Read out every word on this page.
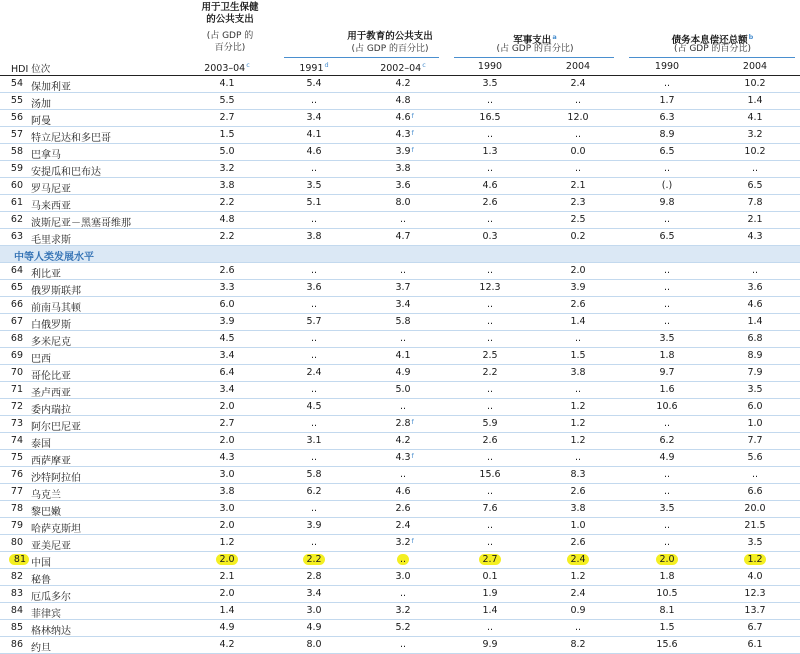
用于卫生保健
的公共支出
(占 GDP 的
百分比)
用于教育的公共支出
(占 GDP 的百分比)
军事支出$^a$
(占 GDP 的百分比)
债务本息偿还总额$^b$
(占 GDP 的百分比)
HDI 位次	2003–04$^c$	1991$^d$	2002–04$^c$	1990	2004	1990	2004
54 保加利亚	4.1	5.4	4.2	3.5	2.4	..	10.2
55 汤加	5.5	..	4.8	..	..	1.7	1.4
56 阿曼	2.7	3.4	4.6 f	16.5	12.0	6.3	4.1
57 特立尼达和多巴哥	1.5	4.1	4.3 f	..	..	8.9	3.2
58 巴拿马	5.0	4.6	3.9 f	1.3	0.0	6.5	10.2
59 安提瓜和巴布达	3.2	..	3.8	..	..	..	..
60 罗马尼亚	3.8	3.5	3.6	4.6	2.1	(.)	6.5
61 马来西亚	2.2	5.1	8.0	2.6	2.3	9.8	7.8
62 波斯尼亚－黑塞哥维那	4.8	..	..	..	2.5	..	2.1
63 毛里求斯	2.2	3.8	4.7	0.3	0.2	6.5	4.3
中等人类发展水平
64 利比亚	2.6	..	..	..	2.0	..	..
65 俄罗斯联邦	3.3	3.6	3.7	12.3	3.9	..	3.6
66 前南马其顿	6.0	..	3.4	..	2.6	..	4.6
67 白俄罗斯	3.9	5.7	5.8	..	1.4	..	1.4
68 多米尼克	4.5	..	..	..	..	3.5	6.8
69 巴西	3.4	..	4.1	2.5	1.5	1.8	8.9
70 哥伦比亚	6.4	2.4	4.9	2.2	3.8	9.7	7.9
71 圣卢西亚	3.4	..	5.0	..	..	1.6	3.5
72 委内瑞拉	2.0	4.5	..	..	1.2	10.6	6.0
73 阿尔巴尼亚	2.7	..	2.8 f	5.9	1.2	..	1.0
74 泰国	2.0	3.1	4.2	2.6	1.2	6.2	7.7
75 西萨摩亚	4.3	..	4.3 f	..	..	4.9	5.6
76 沙特阿拉伯	3.0	5.8	..	15.6	8.3	..	..
77 乌克兰	3.8	6.2	4.6	..	2.6	..	6.6
78 黎巴嫩	3.0	..	2.6	7.6	3.8	3.5	20.0
79 哈萨克斯坦	2.0	3.9	2.4	..	1.0	..	21.5
80 亚美尼亚	1.2	..	3.2 f	..	2.6	..	3.5
81 中国	2.0	2.2	..	2.7	2.4	2.0	1.2
82 秘鲁	2.1	2.8	3.0	0.1	1.2	1.8	4.0
83 厄瓜多尔	2.0	3.4	..	1.9	2.4	10.5	12.3
84 菲律宾	1.4	3.0	3.2	1.4	0.9	8.1	13.7
85 格林纳达	4.9	4.9	5.2	..	..	1.5	6.7
86 约旦	4.2	8.0	..	9.9	8.2	15.6	6.1
